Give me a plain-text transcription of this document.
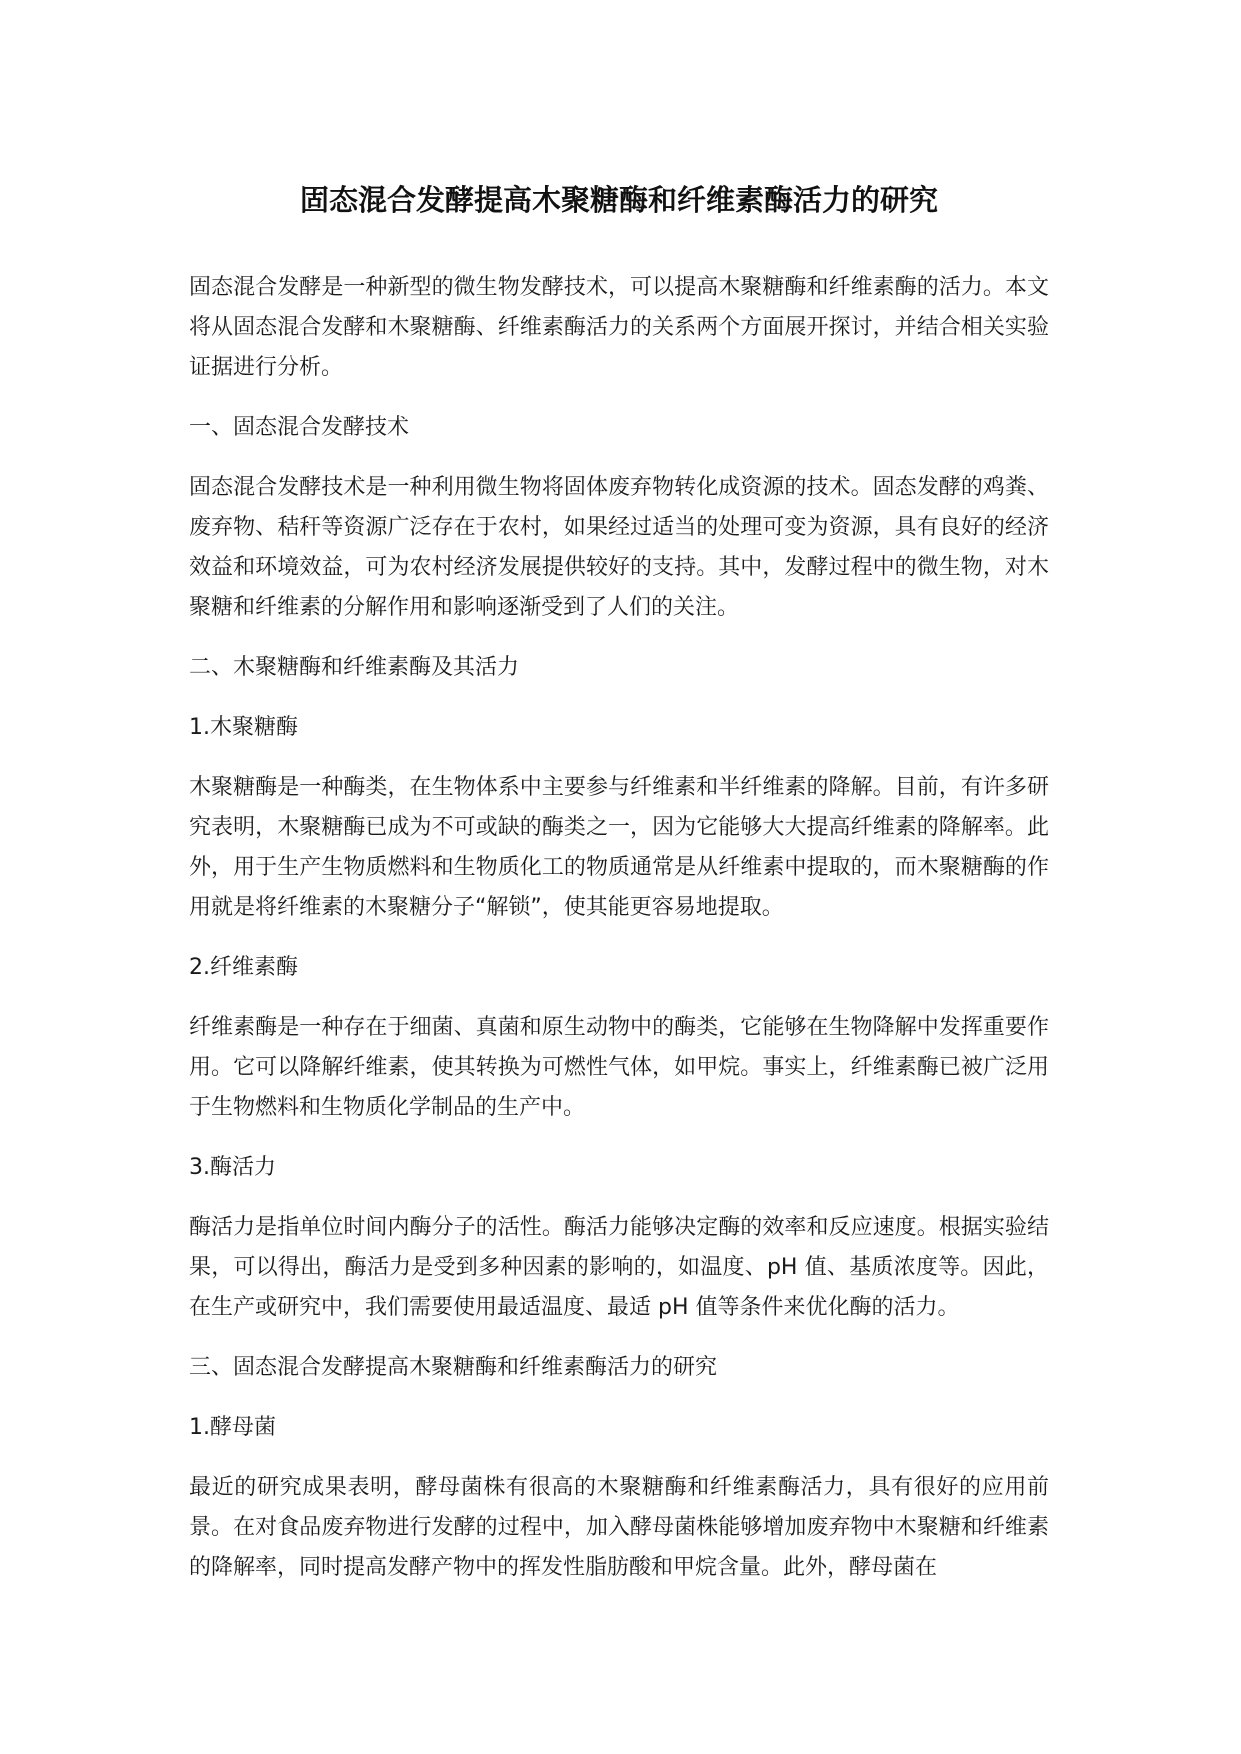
固态混合发酵提高木聚糖酶和纤维素酶活力的研究

固态混合发酵是一种新型的微生物发酵技术，可以提高木聚糖酶和纤维素酶的活力。本文将从固态混合发酵和木聚糖酶、纤维素酶活力的关系两个方面展开探讨，并结合相关实验证据进行分析。

一、固态混合发酵技术

固态混合发酵技术是一种利用微生物将固体废弃物转化成资源的技术。固态发酵的鸡粪、废弃物、秸秆等资源广泛存在于农村，如果经过适当的处理可变为资源，具有良好的经济效益和环境效益，可为农村经济发展提供较好的支持。其中，发酵过程中的微生物，对木聚糖和纤维素的分解作用和影响逐渐受到了人们的关注。

二、木聚糖酶和纤维素酶及其活力

1.木聚糖酶

木聚糖酶是一种酶类，在生物体系中主要参与纤维素和半纤维素的降解。目前，有许多研究表明，木聚糖酶已成为不可或缺的酶类之一，因为它能够大大提高纤维素的降解率。此外，用于生产生物质燃料和生物质化工的物质通常是从纤维素中提取的，而木聚糖酶的作用就是将纤维素的木聚糖分子“解锁”，使其能更容易地提取。

2.纤维素酶

纤维素酶是一种存在于细菌、真菌和原生动物中的酶类，它能够在生物降解中发挥重要作用。它可以降解纤维素，使其转换为可燃性气体，如甲烷。事实上，纤维素酶已被广泛用于生物燃料和生物质化学制品的生产中。

3.酶活力

酶活力是指单位时间内酶分子的活性。酶活力能够决定酶的效率和反应速度。根据实验结果，可以得出，酶活力是受到多种因素的影响的，如温度、pH 值、基质浓度等。因此，在生产或研究中，我们需要使用最适温度、最适 pH 值等条件来优化酶的活力。

三、固态混合发酵提高木聚糖酶和纤维素酶活力的研究

1.酵母菌

最近的研究成果表明，酵母菌株有很高的木聚糖酶和纤维素酶活力，具有很好的应用前景。在对食品废弃物进行发酵的过程中，加入酵母菌株能够增加废弃物中木聚糖和纤维素的降解率，同时提高发酵产物中的挥发性脂肪酸和甲烷含量。此外，酵母菌在
